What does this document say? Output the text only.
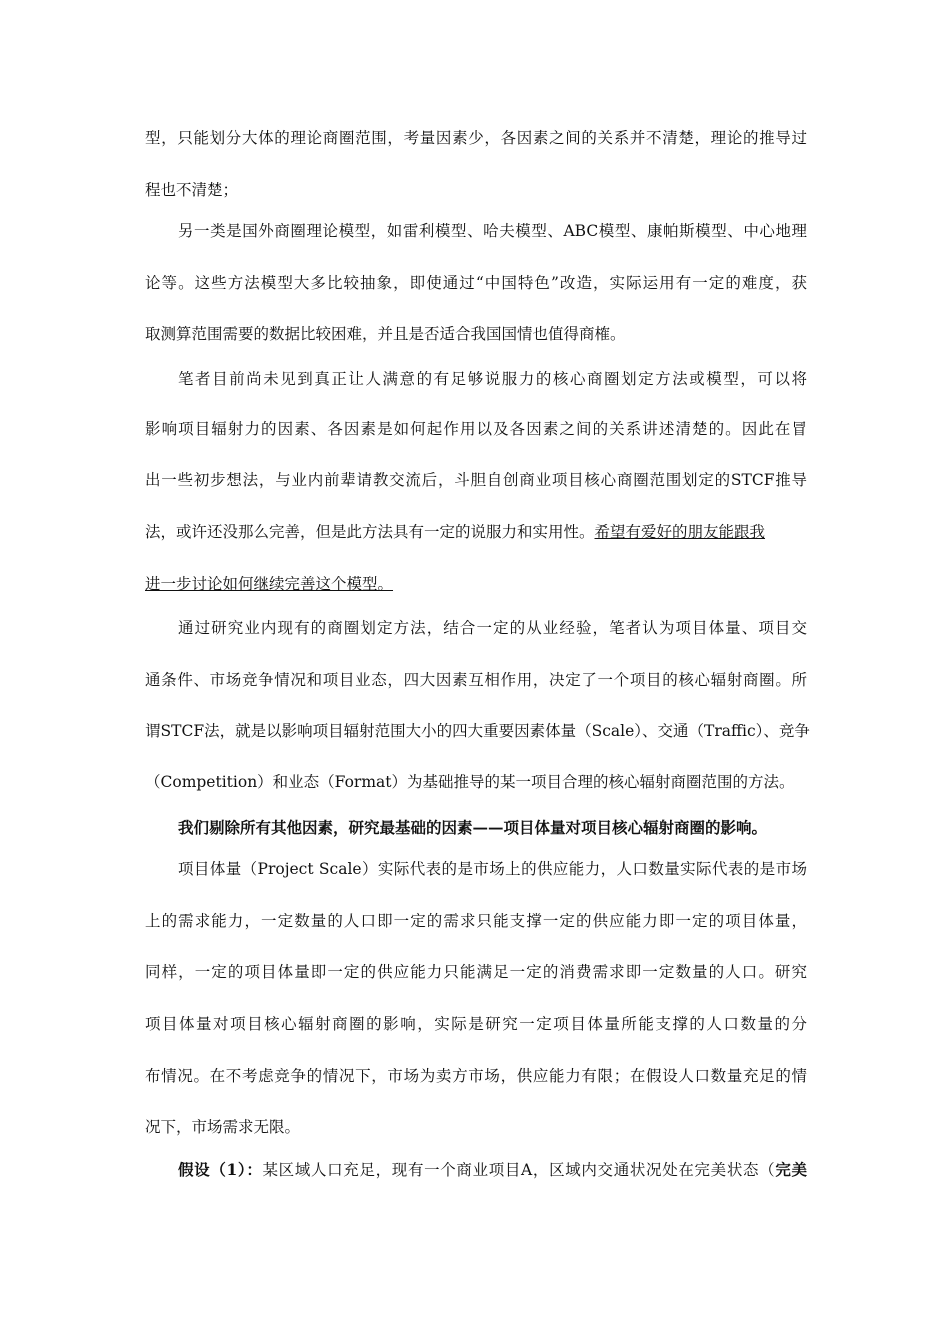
型，只能划分大体的理论商圈范围，考量因素少，各因素之间的关系并不清楚，理论的推导过
程也不清楚；
另一类是国外商圈理论模型，如雷利模型、哈夫模型、ABC模型、康帕斯模型、中心地理
论等。这些方法模型大多比较抽象，即使通过“中国特色”改造，实际运用有一定的难度，获
取测算范围需要的数据比较困难，并且是否适合我国国情也值得商榷。
笔者目前尚未见到真正让人满意的有足够说服力的核心商圈划定方法或模型，可以将
影响项目辐射力的因素、各因素是如何起作用以及各因素之间的关系讲述清楚的。因此在冒
出一些初步想法，与业内前辈请教交流后，斗胆自创商业项目核心商圈范围划定的STCF推导
法，或许还没那么完善，但是此方法具有一定的说服力和实用性。希望有爱好的朋友能跟我
进一步讨论如何继续完善这个模型。
通过研究业内现有的商圈划定方法，结合一定的从业经验，笔者认为项目体量、项目交
通条件、市场竞争情况和项目业态，四大因素互相作用，决定了一个项目的核心辐射商圈。所
谓STCF法，就是以影响项目辐射范围大小的四大重要因素体量（Scale）、交通（Traffic）、竞争
（Competition）和业态（Format）为基础推导的某一项目合理的核心辐射商圈范围的方法。
我们剔除所有其他因素，研究最基础的因素——项目体量对项目核心辐射商圈的影响。
项目体量（Project Scale）实际代表的是市场上的供应能力，人口数量实际代表的是市场
上的需求能力，一定数量的人口即一定的需求只能支撑一定的供应能力即一定的项目体量，
同样，一定的项目体量即一定的供应能力只能满足一定的消费需求即一定数量的人口。研究
项目体量对项目核心辐射商圈的影响，实际是研究一定项目体量所能支撑的人口数量的分
布情况。在不考虑竞争的情况下，市场为卖方市场，供应能力有限；在假设人口数量充足的情
况下，市场需求无限。
假设（1）：某区域人口充足，现有一个商业项目A，区域内交通状况处在完美状态（完美
